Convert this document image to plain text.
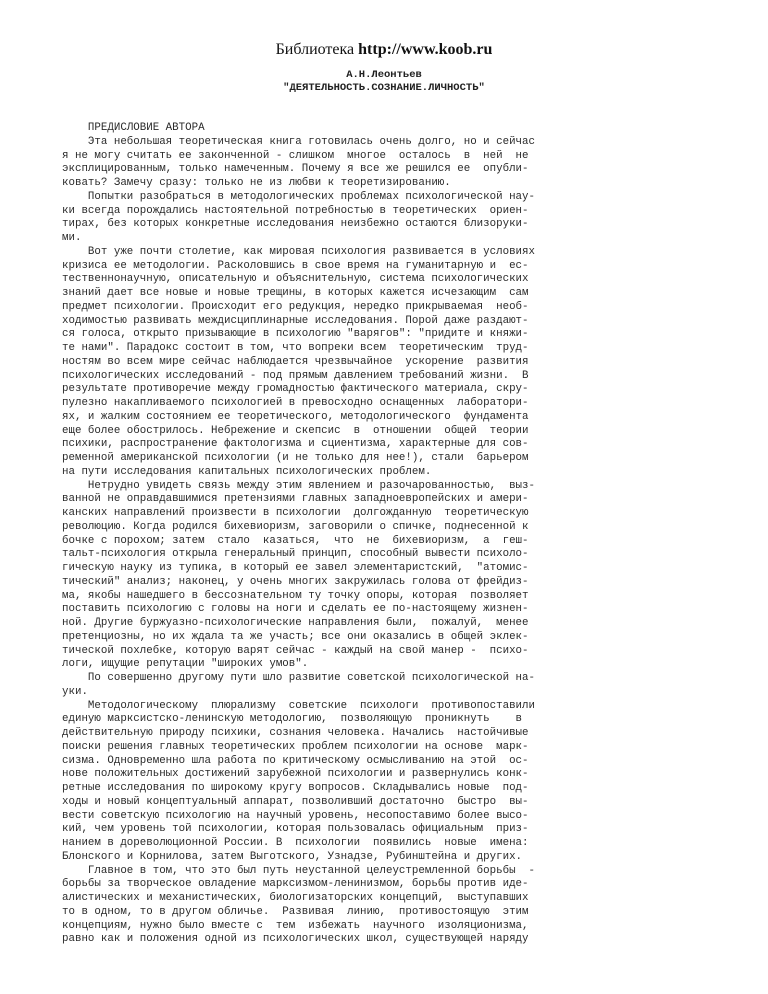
Библиотека http://www.koob.ru
А.Н.Леонтьев
"ДЕЯТЕЛЬНОСТЬ.СОЗНАНИЕ.ЛИЧНОСТЬ"
ПРЕДИСЛОВИЕ АВТОРА
Эта небольшая теоретическая книга готовилась очень долго, но и сейчас
я не могу считать ее законченной - слишком  многое  осталось  в  ней  не
эксплицированным, только намеченным. Почему я все же решился ее  опубли-
ковать? Замечу сразу: только не из любви к теоретизированию.
Попытки разобраться в методологических проблемах психологической нау-
ки всегда порождались настоятельной потребностью в теоретических  ориен-
тирах, без которых конкретные исследования неизбежно остаются близоруки-
ми.
Вот уже почти столетие, как мировая психология развивается в условиях
кризиса ее методологии. Расколовшись в свое время на гуманитарную и  ес-
тественнонаучную, описательную и объяснительную, система психологических
знаний дает все новые и новые трещины, в которых кажется исчезающим  сам
предмет психологии. Происходит его редукция, нередко прикрываемая  необ-
ходимостью развивать междисциплинарные исследования. Порой даже раздают-
ся голоса, открыто призывающие в психологию "варягов": "придите и княжи-
те нами". Парадокс состоит в том, что вопреки всем  теоретическим  труд-
ностям во всем мире сейчас наблюдается чрезвычайное  ускорение  развития
психологических исследований - под прямым давлением требований жизни.  В
результате противоречие между громадностью фактического материала, скру-
пулезно накапливаемого психологией в превосходно оснащенных  лаборатори-
ях, и жалким состоянием ее теоретического, методологического  фундамента
еще более обострилось. Небрежение и скепсис  в  отношении  общей  теории
психики, распространение фактологизма и сциентизма, характерные для сов-
ременной американской психологии (и не только для нее!), стали  барьером
на пути исследования капитальных психологических проблем.
Нетрудно увидеть связь между этим явлением и разочарованностью,  выз-
ванной не оправдавшимися претензиями главных западноевропейских и амери-
канских направлений произвести в психологии  долгожданную  теоретическую
революцию. Когда родился бихевиоризм, заговорили о спичке, поднесенной к
бочке с порохом; затем  стало  казаться,  что  не  бихевиоризм,  а  геш-
тальт-психология открыла генеральный принцип, способный вывести психоло-
гическую науку из тупика, в который ее завел элементаристский,  "атомис-
тический" анализ; наконец, у очень многих закружилась голова от фрейдиз-
ма, якобы нашедшего в бессознательном ту точку опоры, которая  позволяет
поставить психологию с головы на ноги и сделать ее по-настоящему жизнен-
ной. Другие буржуазно-психологические направления были,  пожалуй,  менее
претенциозны, но их ждала та же участь; все они оказались в общей эклек-
тической похлебке, которую варят сейчас - каждый на свой манер -  психо-
логи, ищущие репутации "широких умов".
По совершенно другому пути шло развитие советской психологической на-
уки.
Методологическому  плюрализму  советские  психологи  противопоставили
единую марксистско-ленинскую методологию,  позволяющую  проникнуть    в
действительную природу психики, сознания человека. Начались  настойчивые
поиски решения главных теоретических проблем психологии на основе  марк-
сизма. Одновременно шла работа по критическому осмысливанию на этой  ос-
нове положительных достижений зарубежной психологии и развернулись конк-
ретные исследования по широкому кругу вопросов. Складывались новые  под-
ходы и новый концептуальный аппарат, позволивший достаточно  быстро  вы-
вести советскую психологию на научный уровень, несопоставимо более высо-
кий, чем уровень той психологии, которая пользовалась официальным  приз-
нанием в дореволюционной России. В  психологии  появились  новые  имена:
Блонского и Корнилова, затем Выготского, Узнадзе, Рубинштейна и других.
Главное в том, что это был путь неустанной целеустремленной борьбы  -
борьбы за творческое овладение марксизмом-ленинизмом, борьбы против иде-
алистических и механистических, биологизаторских концепций,  выступавших
то в одном, то в другом обличье.  Развивая  линию,  противостоящую  этим
концепциям, нужно было вместе с  тем  избежать  научного  изоляционизма,
равно как и положения одной из психологических школ, существующей наряду
